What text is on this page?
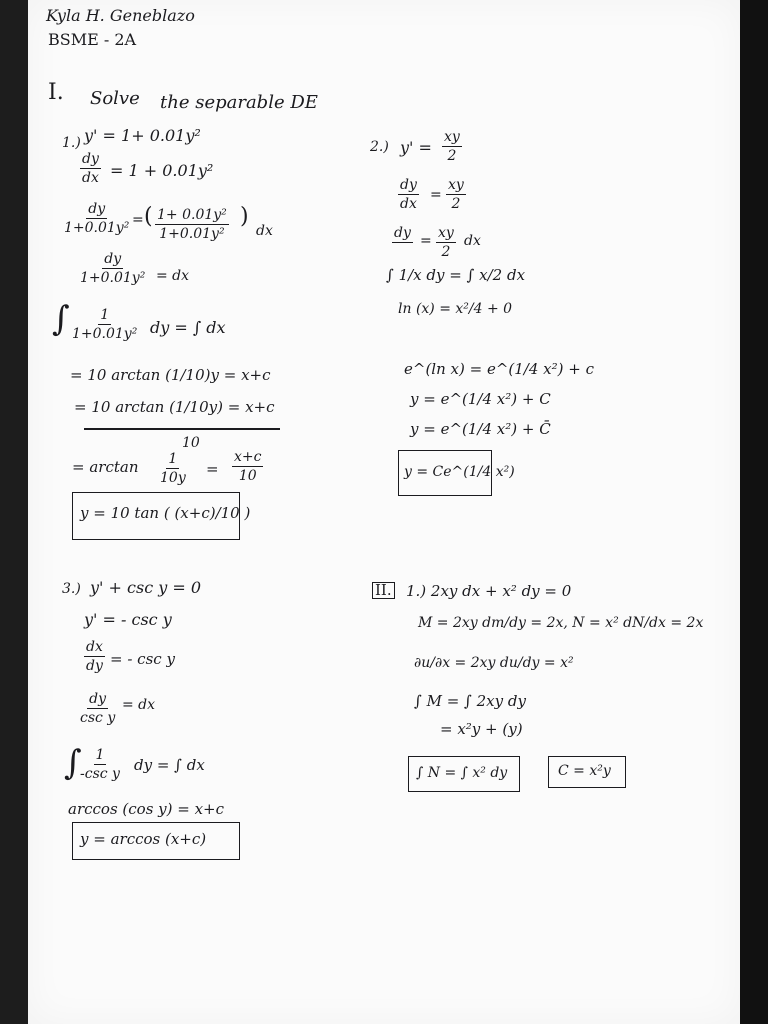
Kyla H. Geneblazo
BSME - 2A
I. Solve the separable DE
1.) y' = 1+ 0.01y²
$\frac{dy}{dx} = 1 + 0.01y^2$
$\frac{dy}{\text{1+0.01y²}}$ = ( $\frac{\text{1+ 0.01y²}}{\text{1+0.01y²}}$ )
dx
$\frac{dy}{\text{1+0.01y²}}$ = dx
∫ $\frac{1}{\text{1+0.01y²}}$ dy = ∫ dx
= 10 arctan (1/10)y = x+c
= 10 arctan (1/10y) = x+c
10
= $\arctan \frac{1}{10y} = \frac{x+c}{10}$
y = 10 tan ( (x+c)/10 )
2.) $y' = \frac{xy}{2}$
$\frac{dy}{dx} = \frac{xy}{2}$
dy = $\frac{xy}{2}$ dx
∫ 1/x dy = ∫ x/2 dx
ln (x) = x²/4 + 0
e^(ln x) = e^(1/4 x²) + c
y = e^(1/4 x²) + C
y = e^(1/4 x²) + C̄
y = Ce^(1/4 x²)
3.) y' + csc y = 0
y' = - csc y
$\frac{dx}{dy}$ = - csc y
dy
csc y
= dx
∫ 1
-csc y dy = ∫ dx
arccos (cos y) = x+c
y = arccos (x+c)
II. 1.) 2xy dx + x² dy = 0
M = 2xy dm/dy = 2x, N = x² dN/dx = 2x
∂u/∂x = 2xy du/dy = x²
∫ M = ∫ 2xy dy
= x²y + (y)
∫ N = ∫ x² dy	C = x²y
